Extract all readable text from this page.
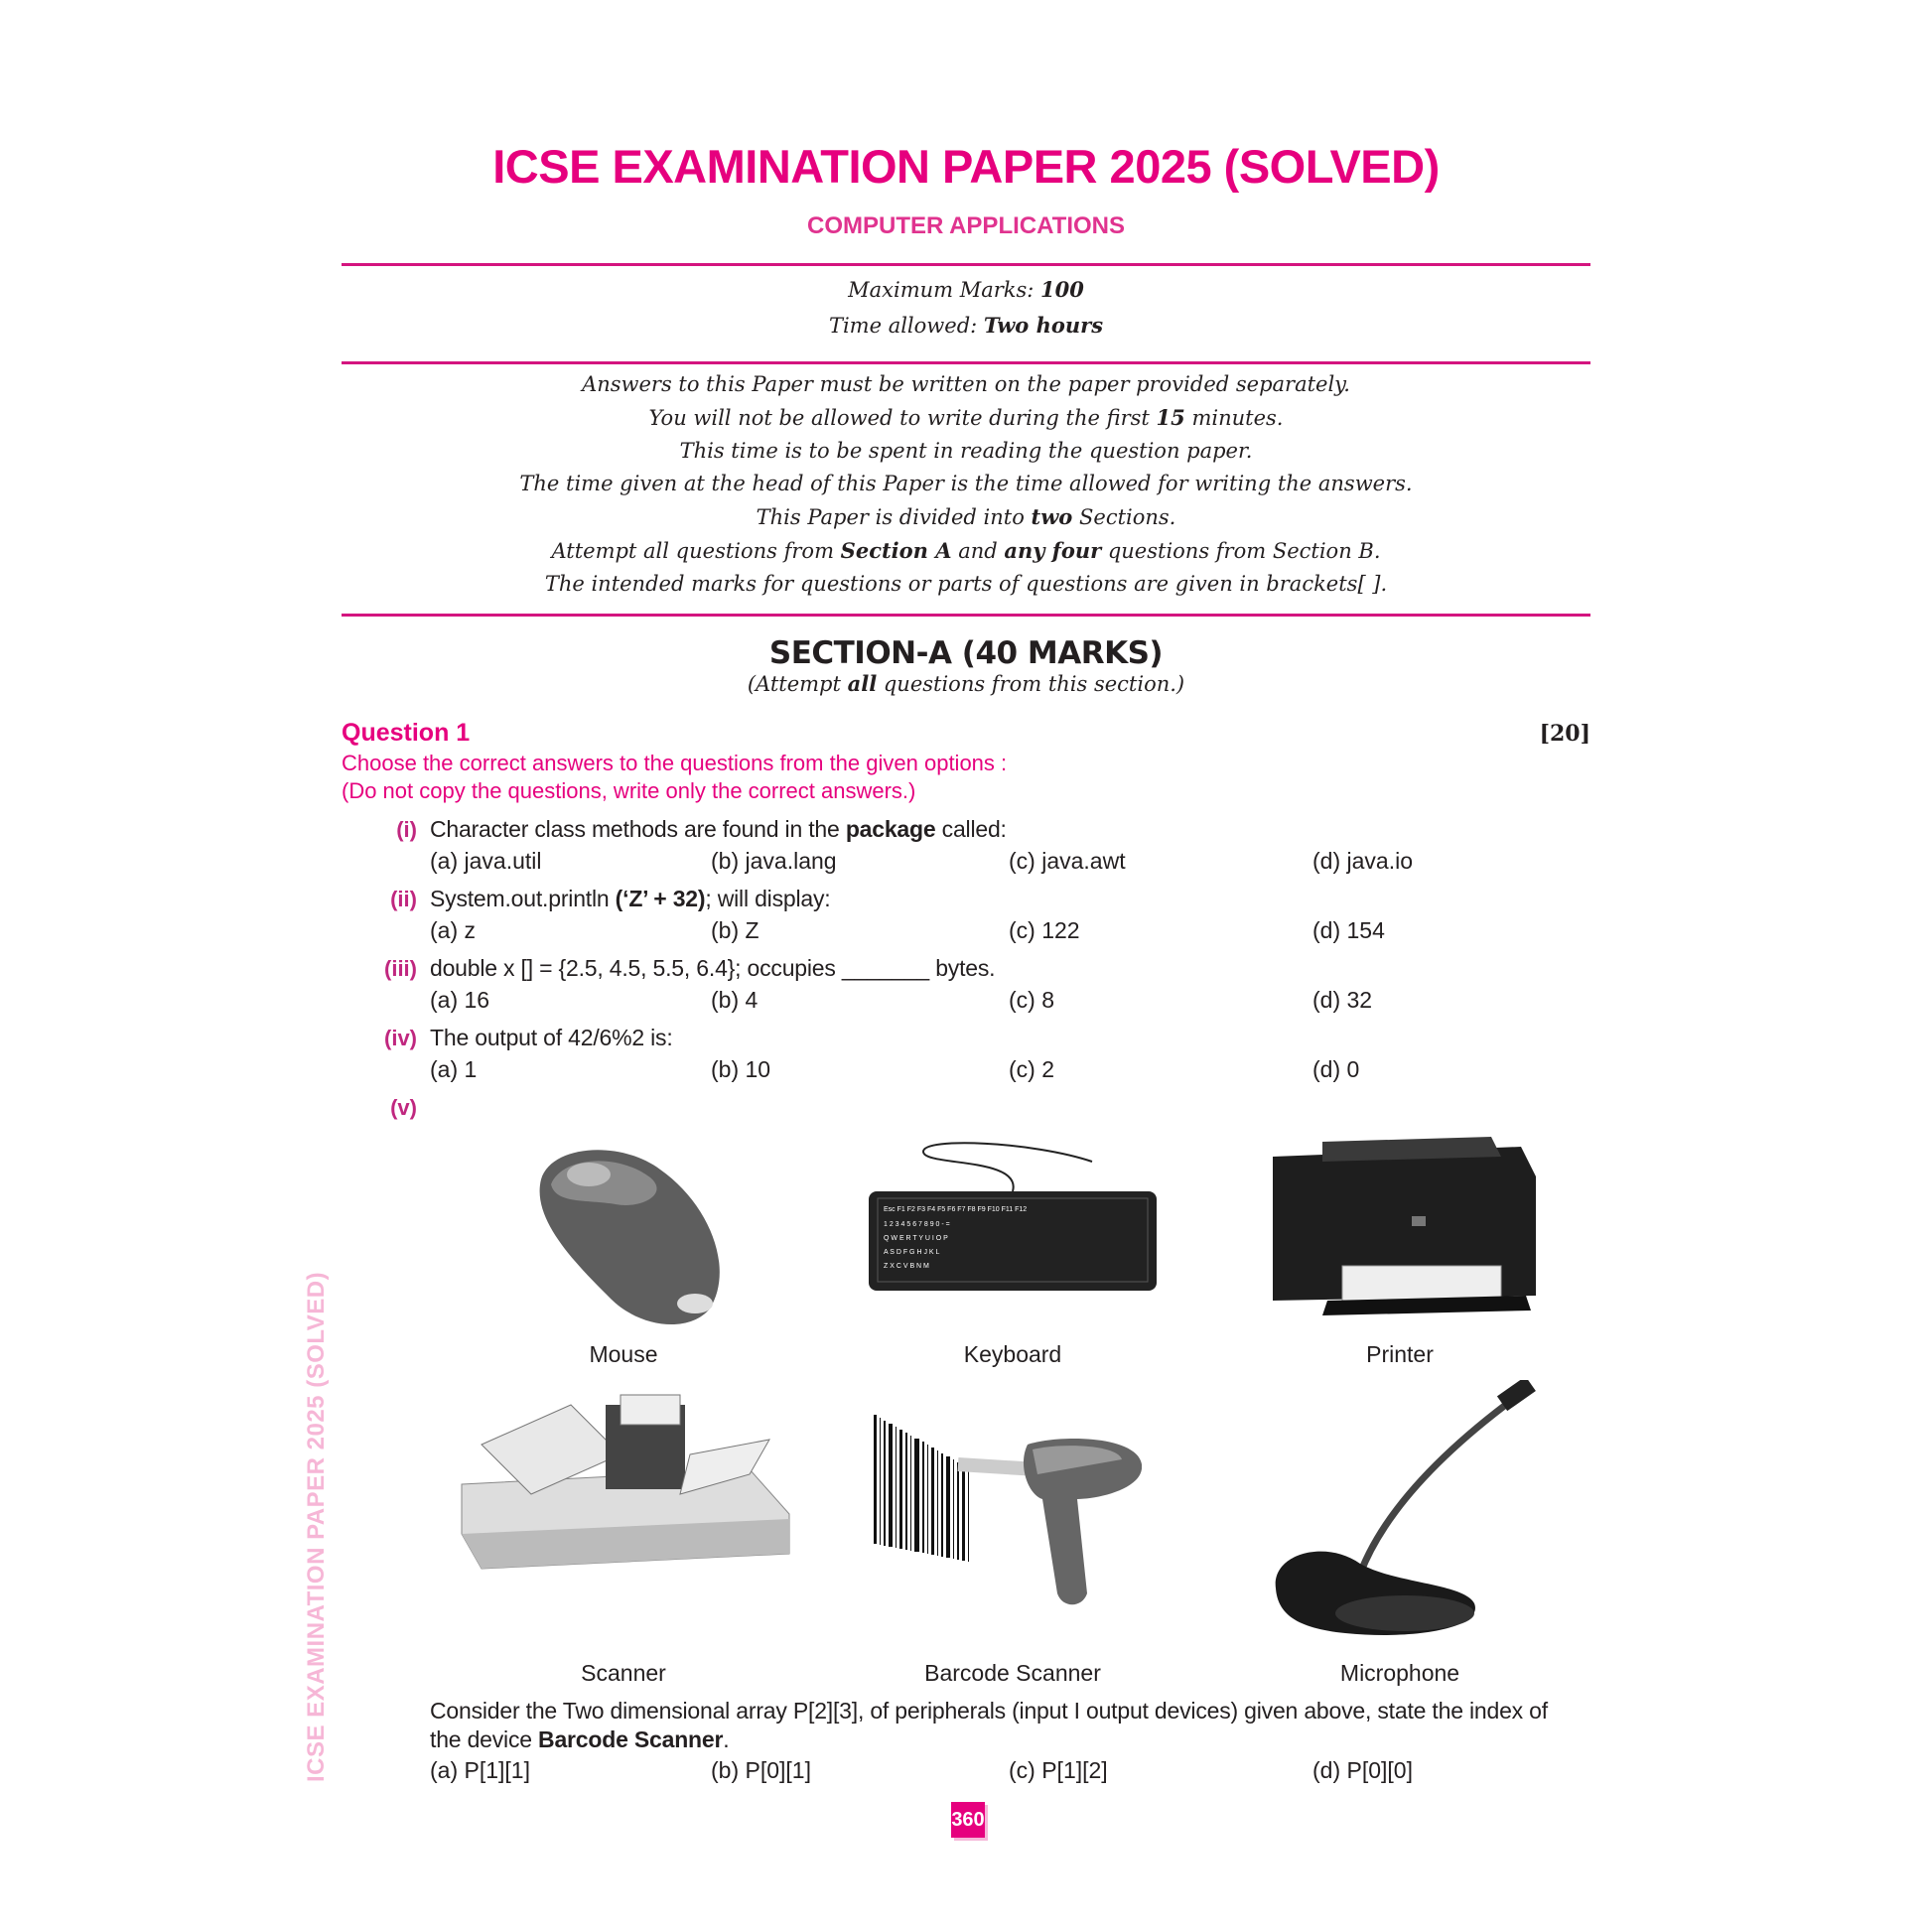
ICSE EXAMINATION PAPER 2025 (SOLVED)
COMPUTER APPLICATIONS
Maximum Marks: 100
Time allowed: Two hours
Answers to this Paper must be written on the paper provided separately.
You will not be allowed to write during the first 15 minutes.
This time is to be spent in reading the question paper.
The time given at the head of this Paper is the time allowed for writing the answers.
This Paper is divided into two Sections.
Attempt all questions from Section A and any four questions from Section B.
The intended marks for questions or parts of questions are given in brackets[ ].
SECTION-A (40 MARKS)
(Attempt all questions from this section.)
Question 1	[20]
Choose the correct answers to the questions from the given options :
(Do not copy the questions, write only the correct answers.)
(i) Character class methods are found in the package called:
(a) java.util	(b) java.lang	(c) java.awt	(d) java.io
(ii) System.out.println (‘Z’ + 32); will display:
(a) z	(b) Z	(c) 122	(d) 154
(iii) double x [] = {2.5, 4.5, 5.5, 6.4}; occupies _______ bytes.
(a) 16	(b) 4	(c) 8	(d) 32
(iv) The output of 42/6%2 is:
(a) 1	(b) 10	(c) 2	(d) 0
(v)
Mouse
Esc F1 F2 F3 F4 F5 F6 F7 F8 F9 F10 F11 F12
1 2 3 4 5 6 7 8 9 0 - =
Q W E R T Y U I O P
A S D F G H J K L
Z X C V B N M
Keyboard	Printer
Scanner	Barcode Scanner	Microphone
Consider the Two dimensional array P[2][3], of peripherals (input I output devices) given above, state the index of
the device Barcode Scanner.
(a) P[1][1]	(b) P[0][1]	(c) P[1][2]	(d) P[0][0]
ICSE EXAMINATION PAPER 2025 (SOLVED)
360
